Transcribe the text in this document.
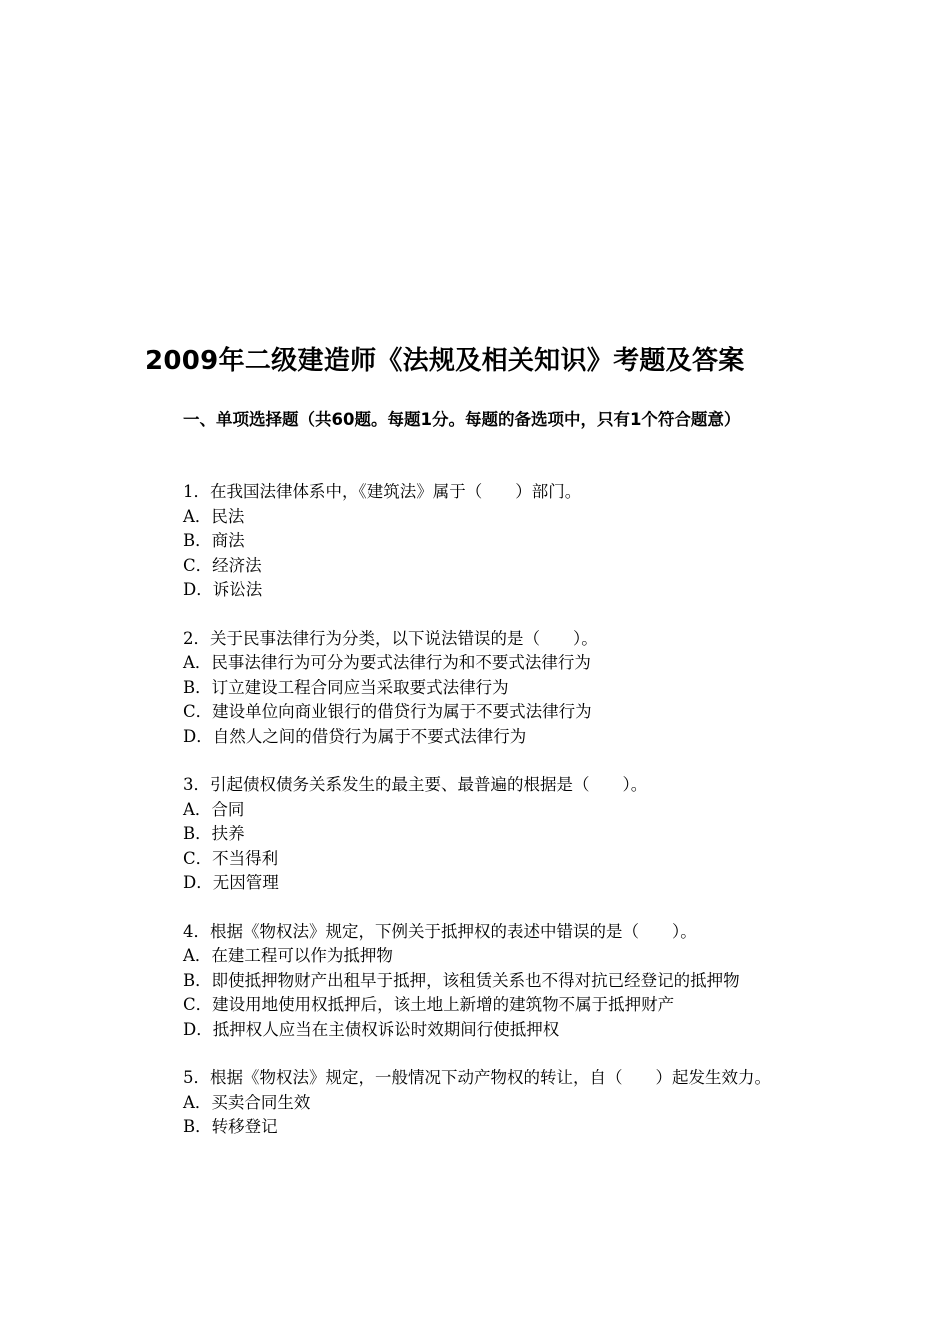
2009年二级建造师《法规及相关知识》考题及答案

一、单项选择题（共60题。每题1分。每题的备选项中，只有1个符合题意）

1．在我国法律体系中，《建筑法》属于（　　）部门。

A．民法

B．商法

C．经济法

D．诉讼法

2．关于民事法律行为分类，以下说法错误的是（　　）。

A．民事法律行为可分为要式法律行为和不要式法律行为

B．订立建设工程合同应当采取要式法律行为

C．建设单位向商业银行的借贷行为属于不要式法律行为

D．自然人之间的借贷行为属于不要式法律行为

3．引起债权债务关系发生的最主要、最普遍的根据是（　　）。

A．合同

B．扶养

C．不当得利

D．无因管理

4．根据《物权法》规定，下例关于抵押权的表述中错误的是（　　）。

A．在建工程可以作为抵押物

B．即使抵押物财产出租早于抵押，该租赁关系也不得对抗已经登记的抵押物

C．建设用地使用权抵押后，该土地上新增的建筑物不属于抵押财产

D．抵押权人应当在主债权诉讼时效期间行使抵押权

5．根据《物权法》规定，一般情况下动产物权的转让，自（　　）起发生效力。

A．买卖合同生效

B．转移登记
